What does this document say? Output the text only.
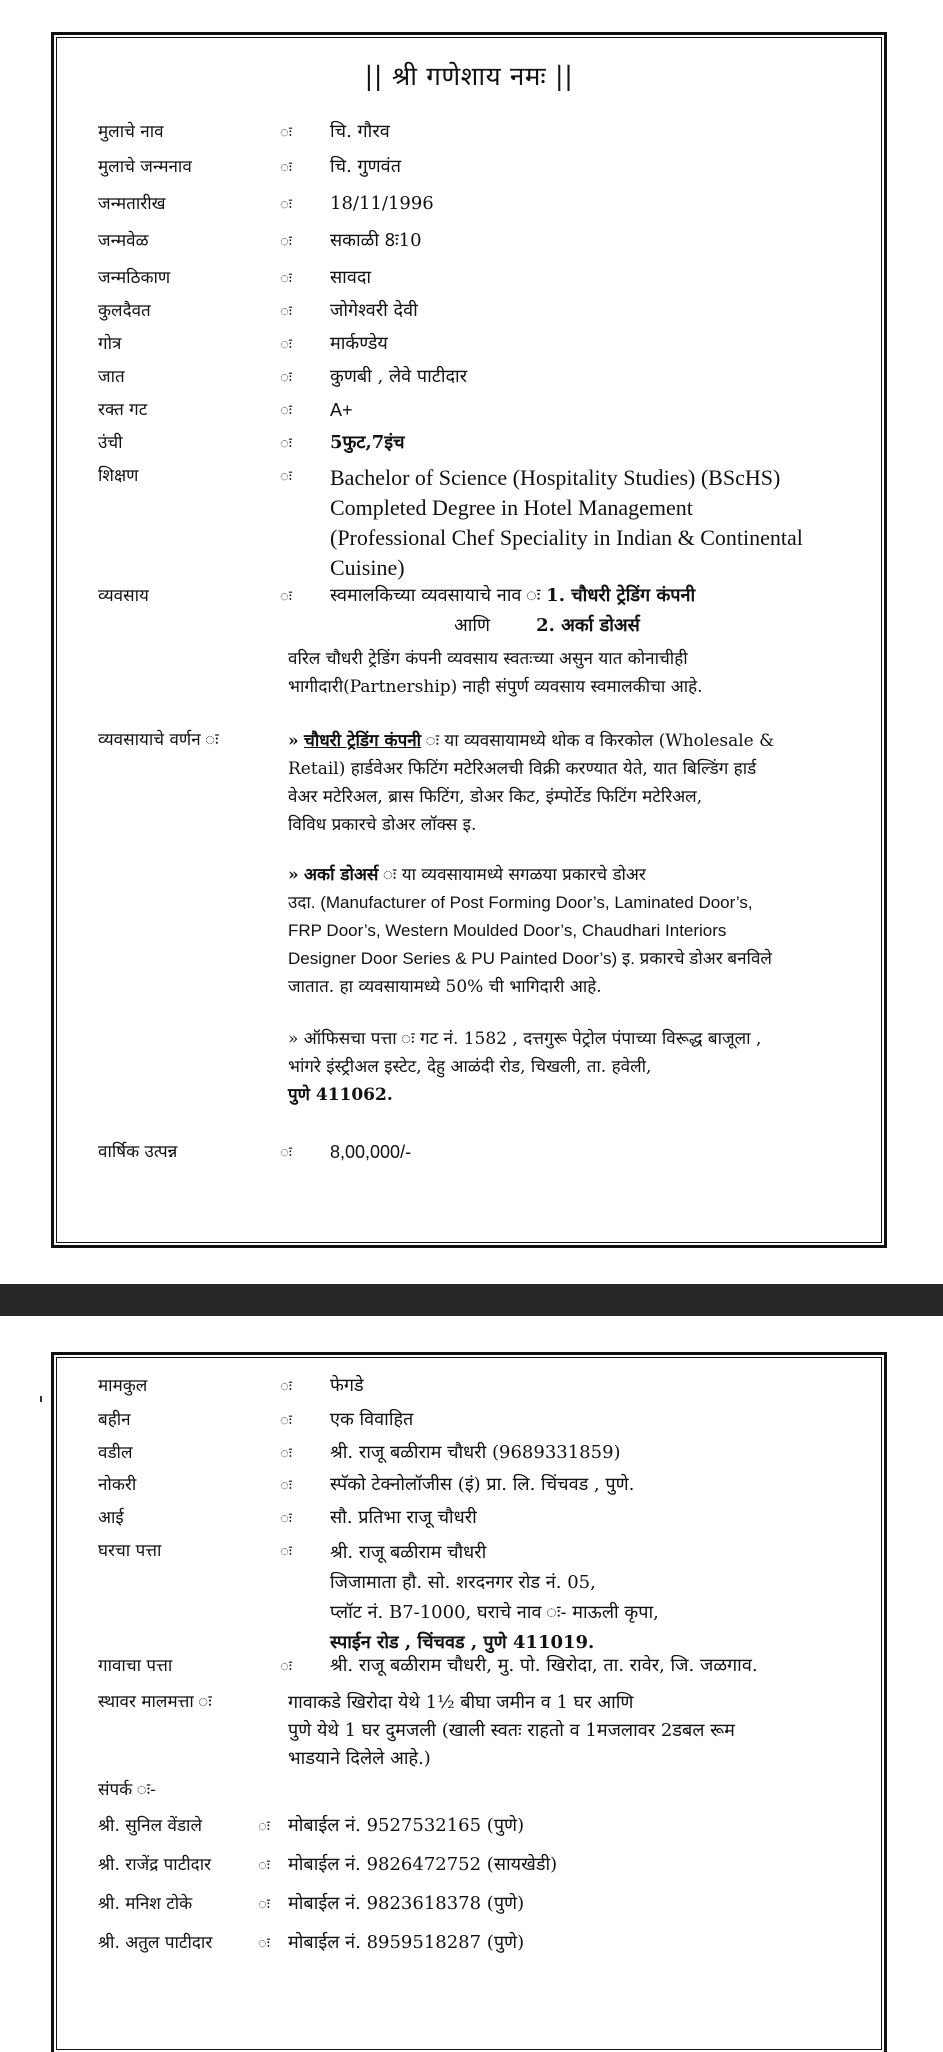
|| श्री गणेशाय नमः ||
मुलाचे नाव	ः	चि. गौरव
मुलाचे जन्मनाव	ः	चि. गुणवंत
जन्मतारीख	ः	18/11/1996
जन्मवेळ	ः	सकाळी 8ः10
जन्मठिकाण	ः	सावदा
कुलदैवत	ः	जोगेश्वरी देवी
गोत्र	ः	मार्कण्डेय
जात	ः	कुणबी , लेवे पाटीदार
रक्त गट	ः	A+
उंची	ः	5फुट,7इंच
शिक्षण	ः	Bachelor of Science (Hospitality Studies) (BScHS)
Completed Degree in Hotel Management
(Professional Chef Speciality in Indian & Continental
Cuisine)
व्यवसाय	ः	स्वमालकिच्या व्यवसायाचे नाव ः 1. चौधरी ट्रेडिंग कंपनी
आणि	2. अर्का डोअर्स
वरिल चौधरी ट्रेडिंग कंपनी व्यवसाय स्वतःच्या असुन यात कोनाचीही
भागीदारी(Partnership) नाही संपुर्ण व्यवसाय स्वमालकीचा आहे.
व्यवसायाचे वर्णन ः	» चौधरी ट्रेडिंग कंपनी ः या व्यवसायामध्ये थोक व किरकोल (Wholesale &
Retail) हार्डवेअर फिटिंग मटेरिअलची विक्री करण्यात येते, यात बिल्डिंग हार्ड
वेअर मटेरिअल, ब्रास फिटिंग, डोअर किट, इंम्पोर्टेड फिटिंग मटेरिअल,
विविध प्रकारचे डोअर लॉक्स इ.
» अर्का डोअर्स ः या व्यवसायामध्ये सगळया प्रकारचे डोअर
उदा. (Manufacturer of Post Forming Door’s, Laminated Door’s,
FRP Door’s, Western Moulded Door’s, Chaudhari Interiors
Designer Door Series & PU Painted Door’s) इ. प्रकारचे डोअर बनविले
जातात. हा व्यवसायामध्ये 50% ची भागिदारी आहे.
» ऑफिसचा पत्ता ः गट नं. 1582 , दत्तगुरू पेट्रोल पंपाच्या विरूद्ध बाजूला ,
भांगरे इंस्ट्रीअल इस्टेट, देहु आळंदी रोड, चिखली, ता. हवेली,
पुणे 411062.
वार्षिक उत्पन्न	ः	8,00,000/-
मामकुल	ः	फेगडे
बहीन	ः	एक विवाहित
वडील	ः	श्री. राजू बळीराम चौधरी (9689331859)
नोकरी	ः	स्पॅको टेक्नोलॉजीस (इं) प्रा. लि. चिंचवड , पुणे.
आई	ः	सौ. प्रतिभा राजू चौधरी
घरचा पत्ता	ः	श्री. राजू बळीराम चौधरी
जिजामाता हौ. सो. शरदनगर रोड नं. 05,
प्लॉट नं. B7-1000, घराचे नाव ः- माऊली कृपा,
स्पाईन रोड , चिंचवड , पुणे 411019.
गावाचा पत्ता	ः	श्री. राजू बळीराम चौधरी, मु. पो. खिरोदा, ता. रावेर, जि. जळगाव.
स्थावर मालमत्ता ः	गावाकडे खिरोदा येथे 1½ बीघा जमीन व 1 घर आणि
पुणे येथे 1 घर दुमजली (खाली स्वतः राहतो व 1मजलावर 2डबल रूम
भाडयाने दिलेले आहे.)
संपर्क ः-
श्री. सुनिल वेंडाले	ः	मोबाईल नं. 9527532165 (पुणे)
श्री. राजेंद्र पाटीदार	ः	मोबाईल नं. 9826472752 (सायखेडी)
श्री. मनिश टोके	ः	मोबाईल नं. 9823618378 (पुणे)
श्री. अतुल पाटीदार	ः	मोबाईल नं. 8959518287 (पुणे)
